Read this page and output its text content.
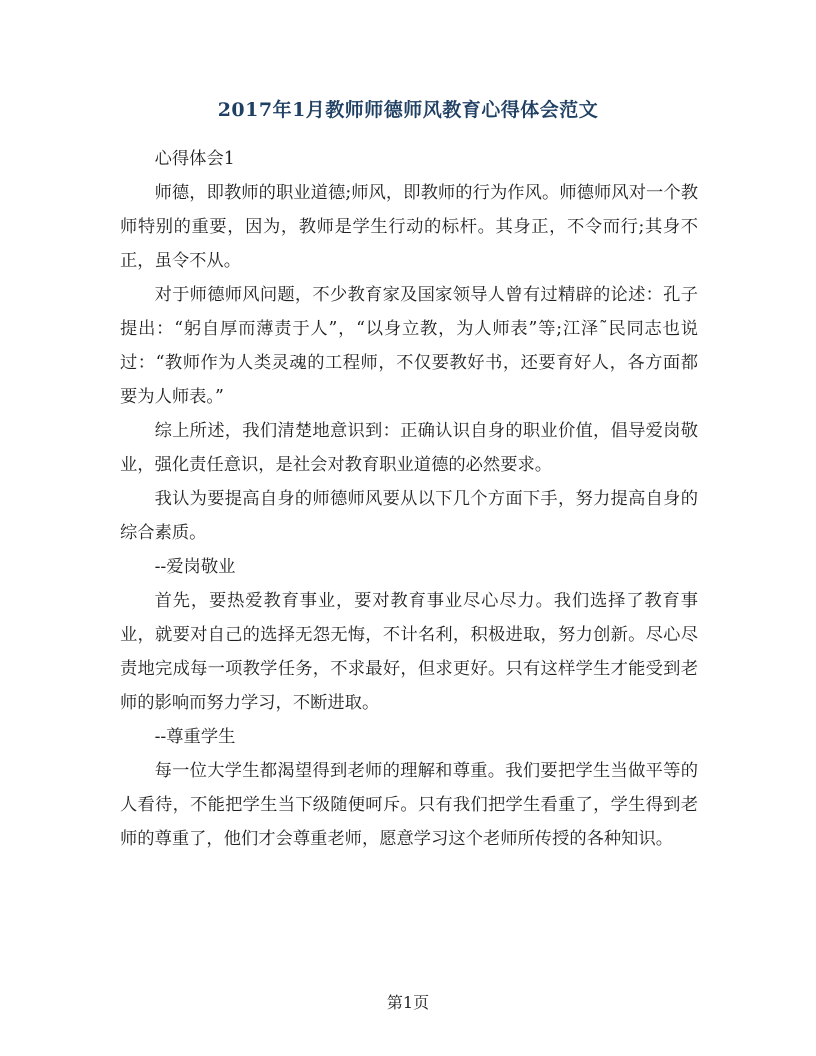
2017年1月教师师德师风教育心得体会范文

心得体会1

师德，即教师的职业道德;师风，即教师的行为作风。师德师风对一个教师特别的重要，因为，教师是学生行动的标杆。其身正，不令而行;其身不正，虽令不从。

对于师德师风问题，不少教育家及国家领导人曾有过精辟的论述：孔子提出：“躬自厚而薄责于人”，“以身立教，为人师表”等;江泽˜民同志也说过：“教师作为人类灵魂的工程师，不仅要教好书，还要育好人，各方面都要为人师表。”

综上所述，我们清楚地意识到：正确认识自身的职业价值，倡导爱岗敬业，强化责任意识，是社会对教育职业道德的必然要求。

我认为要提高自身的师德师风要从以下几个方面下手，努力提高自身的综合素质。

--爱岗敬业

首先，要热爱教育事业，要对教育事业尽心尽力。我们选择了教育事业，就要对自己的选择无怨无悔，不计名利，积极进取，努力创新。尽心尽责地完成每一项教学任务，不求最好，但求更好。只有这样学生才能受到老师的影响而努力学习，不断进取。

--尊重学生

每一位大学生都渴望得到老师的理解和尊重。我们要把学生当做平等的人看待，不能把学生当下级随便呵斥。只有我们把学生看重了，学生得到老师的尊重了，他们才会尊重老师，愿意学习这个老师所传授的各种知识。

第1页
